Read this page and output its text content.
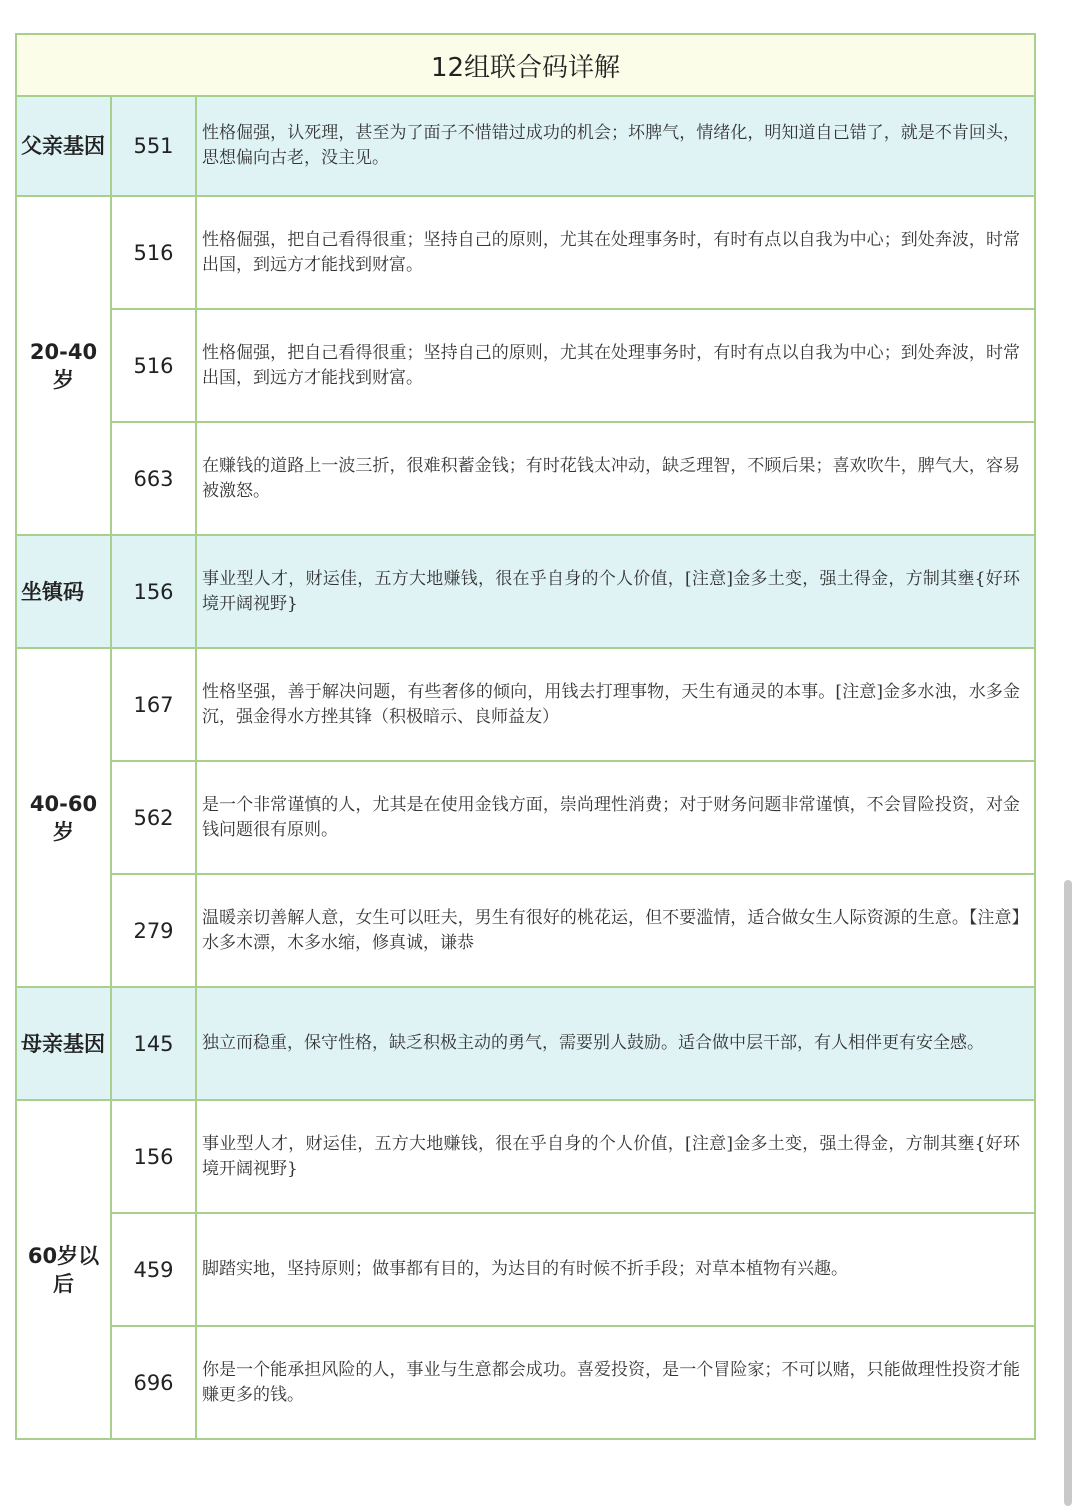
12组联合码详解		
父亲基因	551	性格倔强，认死理，甚至为了面子不惜错过成功的机会；坏脾气，情绪化，明知道自己错了，就是不肯回头，思想偏向古老，没主见。
20-40岁	516	性格倔强，把自己看得很重；坚持自己的原则，尤其在处理事务时，有时有点以自我为中心；到处奔波，时常出国，到远方才能找到财富。
	516	性格倔强，把自己看得很重；坚持自己的原则，尤其在处理事务时，有时有点以自我为中心；到处奔波，时常出国，到远方才能找到财富。
	663	在赚钱的道路上一波三折，很难积蓄金钱；有时花钱太冲动，缺乏理智，不顾后果；喜欢吹牛，脾气大，容易被激怒。
坐镇码	156	事业型人才，财运佳，五方大地赚钱，很在乎自身的个人价值，[注意]金多土变，强土得金，方制其壅{好环境开阔视野}
40-60岁	167	性格坚强，善于解决问题，有些奢侈的倾向，用钱去打理事物，天生有通灵的本事。[注意]金多水浊，水多金沉，强金得水方挫其锋（积极暗示、良师益友）
	562	是一个非常谨慎的人，尤其是在使用金钱方面，崇尚理性消费；对于财务问题非常谨慎，不会冒险投资，对金钱问题很有原则。
	279	温暖亲切善解人意，女生可以旺夫，男生有很好的桃花运，但不要滥情，适合做女生人际资源的生意。【注意】水多木漂，木多水缩，修真诚，谦恭
母亲基因	145	独立而稳重，保守性格，缺乏积极主动的勇气，需要别人鼓励。适合做中层干部，有人相伴更有安全感。
60岁以后	156	事业型人才，财运佳，五方大地赚钱，很在乎自身的个人价值，[注意]金多土变，强土得金，方制其壅{好环境开阔视野}
	459	脚踏实地，坚持原则；做事都有目的，为达目的有时候不折手段；对草本植物有兴趣。
	696	你是一个能承担风险的人，事业与生意都会成功。喜爱投资，是一个冒险家；不可以赌，只能做理性投资才能赚更多的钱。
